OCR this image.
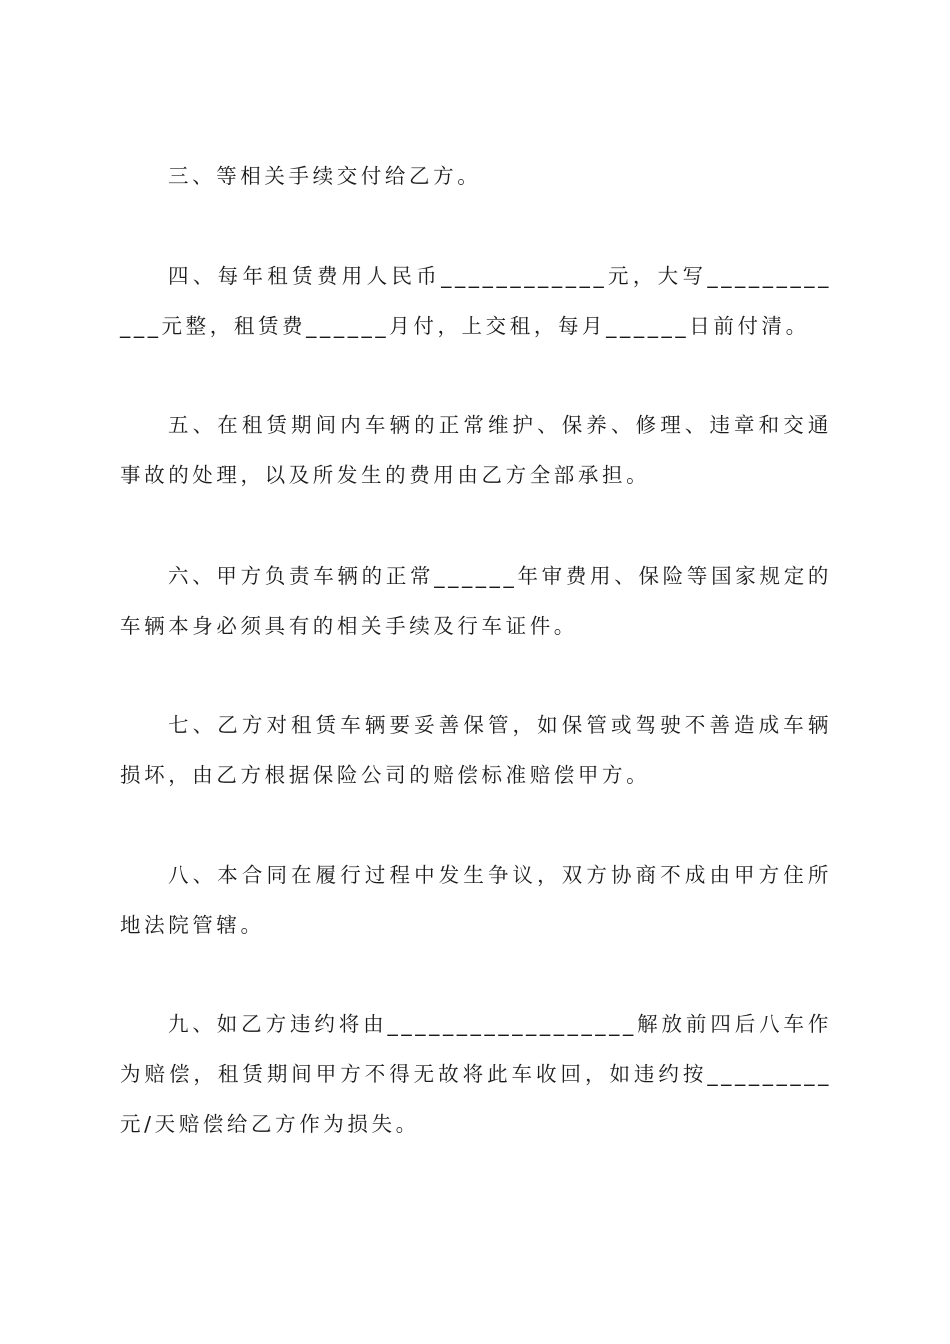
三、等相关手续交付给乙方。

四、每年租赁费用人民币____________元，大写____________元整，租赁费______月付，上交租，每月______日前付清。

五、在租赁期间内车辆的正常维护、保养、修理、违章和交通事故的处理，以及所发生的费用由乙方全部承担。

六、甲方负责车辆的正常______年审费用、保险等国家规定的车辆本身必须具有的相关手续及行车证件。

七、乙方对租赁车辆要妥善保管，如保管或驾驶不善造成车辆损坏，由乙方根据保险公司的赔偿标准赔偿甲方。

八、本合同在履行过程中发生争议，双方协商不成由甲方住所地法院管辖。

九、如乙方违约将由__________________解放前四后八车作为赔偿，租赁期间甲方不得无故将此车收回，如违约按_________元/天赔偿给乙方作为损失。
